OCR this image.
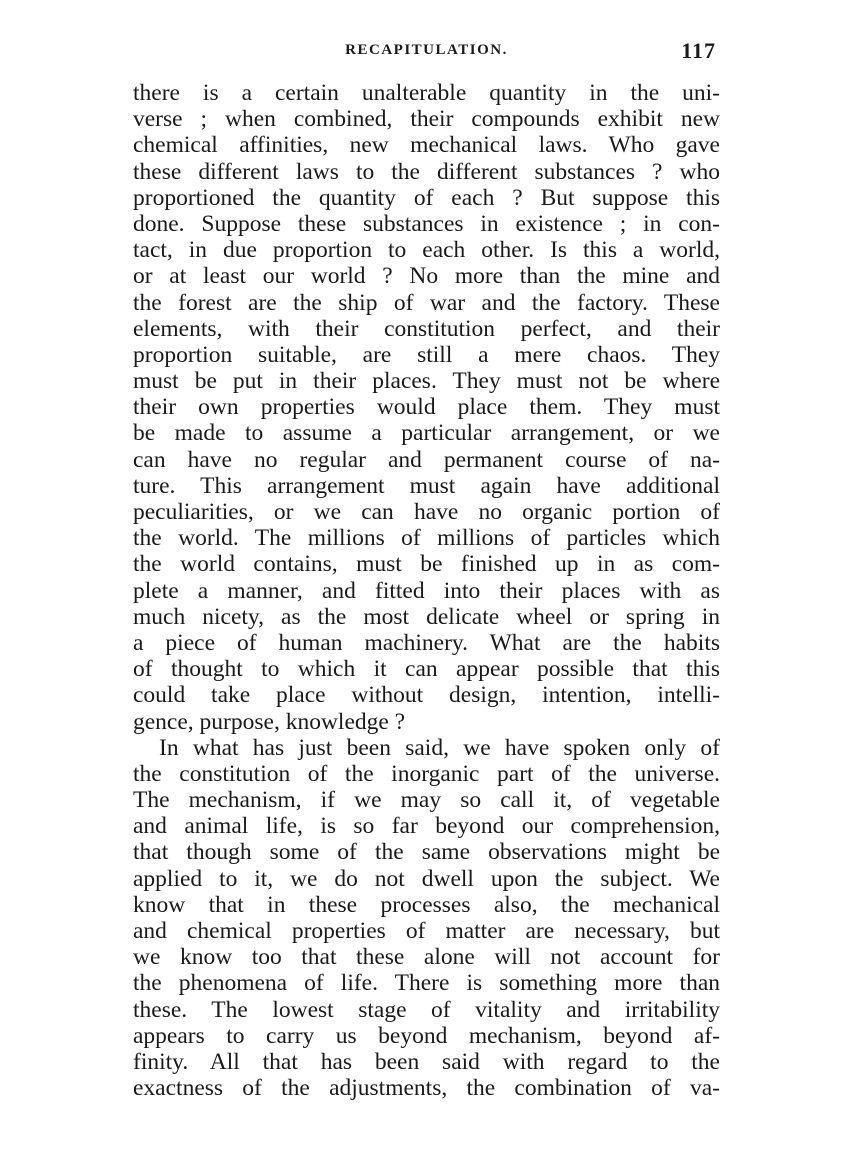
RECAPITULATION.	117
there is a certain unalterable quantity in the uni-
verse ; when combined, their compounds exhibit new
chemical affinities, new mechanical laws. Who gave
these different laws to the different substances ? who
proportioned the quantity of each ? But suppose this
done. Suppose these substances in existence ; in con-
tact, in due proportion to each other. Is this a world,
or at least our world ? No more than the mine and
the forest are the ship of war and the factory. These
elements, with their constitution perfect, and their
proportion suitable, are still a mere chaos. They
must be put in their places. They must not be where
their own properties would place them. They must
be made to assume a particular arrangement, or we
can have no regular and permanent course of na-
ture. This arrangement must again have additional
peculiarities, or we can have no organic portion of
the world. The millions of millions of particles which
the world contains, must be finished up in as com-
plete a manner, and fitted into their places with as
much nicety, as the most delicate wheel or spring in
a piece of human machinery. What are the habits
of thought to which it can appear possible that this
could take place without design, intention, intelli-
gence, purpose, knowledge ?
In what has just been said, we have spoken only of
the constitution of the inorganic part of the universe.
The mechanism, if we may so call it, of vegetable
and animal life, is so far beyond our comprehension,
that though some of the same observations might be
applied to it, we do not dwell upon the subject. We
know that in these processes also, the mechanical
and chemical properties of matter are necessary, but
we know too that these alone will not account for
the phenomena of life. There is something more than
these. The lowest stage of vitality and irritability
appears to carry us beyond mechanism, beyond af-
finity. All that has been said with regard to the
exactness of the adjustments, the combination of va-
